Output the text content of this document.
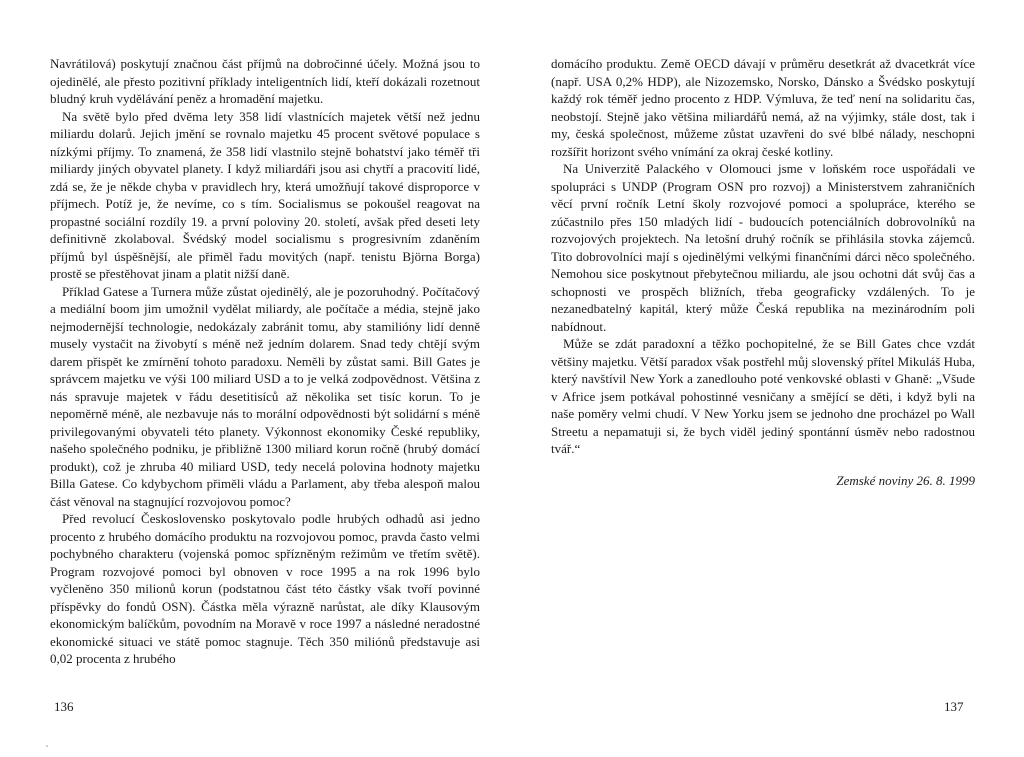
Navrátilová) poskytují značnou část příjmů na dobročinné účely. Možná jsou to ojedinělé, ale přesto pozitivní příklady inteligentních lidí, kteří dokázali rozetnout bludný kruh vydělávání peněz a hromadění majetku.

Na světě bylo před dvěma lety 358 lidí vlastnících majetek větší než jednu miliardu dolarů. Jejich jmění se rovnalo majetku 45 procent světové populace s nízkými příjmy. To znamená, že 358 lidí vlastnilo stejně bohatství jako téměř tři miliardy jiných obyvatel planety. I když miliardáři jsou asi chytří a pracovití lidé, zdá se, že je někde chyba v pravidlech hry, která umožňují takové disproporce v příjmech. Potíž je, že nevíme, co s tím. Socialismus se pokoušel reagovat na propastné sociální rozdíly 19. a první poloviny 20. století, avšak před deseti lety definitivně zkolaboval. Švédský model socialismu s progresivním zdaněním příjmů byl úspěšnější, ale přiměl řadu movitých (např. tenistu Björna Borga) prostě se přestěhovat jinam a platit nižší daně.

Příklad Gatese a Turnera může zůstat ojedinělý, ale je pozoruhodný. Počítačový a mediální boom jim umožnil vydělat miliardy, ale počítače a média, stejně jako nejmodernější technologie, nedokázaly zabránit tomu, aby stamilióny lidí denně musely vystačit na živobytí s méně než jedním dolarem. Snad tedy chtějí svým darem přispět ke zmírnění tohoto paradoxu. Neměli by zůstat sami. Bill Gates je správcem majetku ve výši 100 miliard USD a to je velká zodpovědnost. Většina z nás spravuje majetek v řádu desetitisíců až několika set tisíc korun. To je nepoměrně méně, ale nezbavuje nás to morální odpovědnosti být solidární s méně privilegovanými obyvateli této planety. Výkonnost ekonomiky České republiky, našeho společného podniku, je přibližně 1300 miliard korun ročně (hrubý domácí produkt), což je zhruba 40 miliard USD, tedy necelá polovina hodnoty majetku Billa Gatese. Co kdybychom přiměli vládu a Parlament, aby třeba alespoň malou část věnoval na stagnující rozvojovou pomoc?

Před revolucí Československo poskytovalo podle hrubých odhadů asi jedno procento z hrubého domácího produktu na rozvojovou pomoc, pravda často velmi pochybného charakteru (vojenská pomoc spřízněným režimům ve třetím světě). Program rozvojové pomoci byl obnoven v roce 1995 a na rok 1996 bylo vyčleněno 350 milionů korun (podstatnou část této částky však tvoří povinné příspěvky do fondů OSN). Částka měla výrazně narůstat, ale díky Klausovým ekonomickým balíčkům, povodním na Moravě v roce 1997 a následné neradostné ekonomické situaci ve státě pomoc stagnuje. Těch 350 miliónů představuje asi 0,02 procenta z hrubého

domácího produktu. Země OECD dávají v průměru desetkrát až dvacetkrát více (např. USA 0,2% HDP), ale Nizozemsko, Norsko, Dánsko a Švédsko poskytují každý rok téměř jedno procento z HDP. Výmluva, že teď není na solidaritu čas, neobstojí. Stejně jako většina miliardářů nemá, až na výjimky, stále dost, tak i my, česká společnost, můžeme zůstat uzavřeni do své blbé nálady, neschopni rozšířit horizont svého vnímání za okraj české kotliny.

Na Univerzitě Palackého v Olomouci jsme v loňském roce uspořádali ve spolupráci s UNDP (Program OSN pro rozvoj) a Ministerstvem zahraničních věcí první ročník Letní školy rozvojové pomoci a spolupráce, kterého se zúčastnilo přes 150 mladých lidí - budoucích potenciálních dobrovolníků na rozvojových projektech. Na letošní druhý ročník se přihlásila stovka zájemců. Tito dobrovolníci mají s ojedinělými velkými finančními dárci něco společného. Nemohou sice poskytnout přebytečnou miliardu, ale jsou ochotni dát svůj čas a schopnosti ve prospěch bližních, třeba geograficky vzdálených. To je nezanedbatelný kapitál, který může Česká republika na mezinárodním poli nabídnout.

Může se zdát paradoxní a těžko pochopitelné, že se Bill Gates chce vzdát většiny majetku. Větší paradox však postřehl můj slovenský přítel Mikuláš Huba, který navštívil New York a zanedlouho poté venkovské oblasti v Ghaně: „Všude v Africe jsem potkával pohostinné vesničany a smějící se děti, i když byli na naše poměry velmi chudí. V New Yorku jsem se jednoho dne procházel po Wall Streetu a nepamatuji si, že bych viděl jediný spontánní úsměv nebo radostnou tvář.“

Zemské noviny 26. 8. 1999

136	137
